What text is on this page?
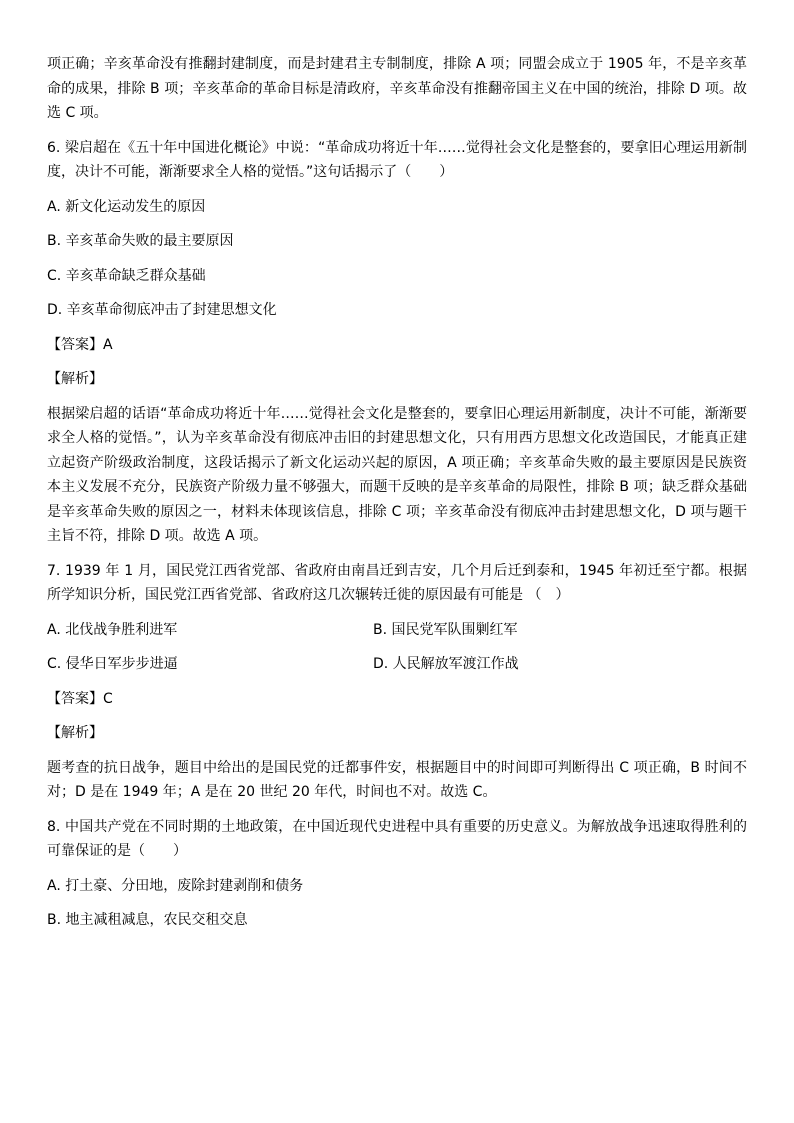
项正确；辛亥革命没有推翻封建制度，而是封建君主专制制度，排除 A 项；同盟会成立于 1905 年，不是辛亥革命的成果，排除 B 项；辛亥革命的革命目标是清政府，辛亥革命没有推翻帝国主义在中国的统治，排除 D 项。故选 C 项。

6. 梁启超在《五十年中国进化概论》中说：“革命成功将近十年……觉得社会文化是整套的，要拿旧心理运用新制度，决计不可能，渐渐要求全人格的觉悟。”这句话揭示了（　　）

A. 新文化运动发生的原因

B. 辛亥革命失败的最主要原因

C. 辛亥革命缺乏群众基础

D. 辛亥革命彻底冲击了封建思想文化

【答案】A

【解析】

根据梁启超的话语“革命成功将近十年……觉得社会文化是整套的，要拿旧心理运用新制度，决计不可能，渐渐要求全人格的觉悟。”，认为辛亥革命没有彻底冲击旧的封建思想文化，只有用西方思想文化改造国民，才能真正建立起资产阶级政治制度，这段话揭示了新文化运动兴起的原因，A 项正确；辛亥革命失败的最主要原因是民族资本主义发展不充分，民族资产阶级力量不够强大，而题干反映的是辛亥革命的局限性，排除 B 项；缺乏群众基础是辛亥革命失败的原因之一，材料未体现该信息，排除 C 项；辛亥革命没有彻底冲击封建思想文化，D 项与题干主旨不符，排除 D 项。故选 A 项。

7. 1939 年 1 月，国民党江西省党部、省政府由南昌迁到吉安，几个月后迁到泰和，1945 年初迁至宁都。根据所学知识分析，国民党江西省党部、省政府这几次辗转迁徙的原因最有可能是 （　）

A. 北伐战争胜利进军	B. 国民党军队围剿红军

C. 侵华日军步步进逼	D. 人民解放军渡江作战

【答案】C

【解析】

题考查的抗日战争，题目中给出的是国民党的迁都事件安，根据题目中的时间即可判断得出 C 项正确，B 时间不对；D 是在 1949 年；A 是在 20 世纪 20 年代，时间也不对。故选 C。

8. 中国共产党在不同时期的土地政策，在中国近现代史进程中具有重要的历史意义。为解放战争迅速取得胜利的可靠保证的是（　　）

A. 打土豪、分田地，废除封建剥削和债务

B. 地主减租减息，农民交租交息
